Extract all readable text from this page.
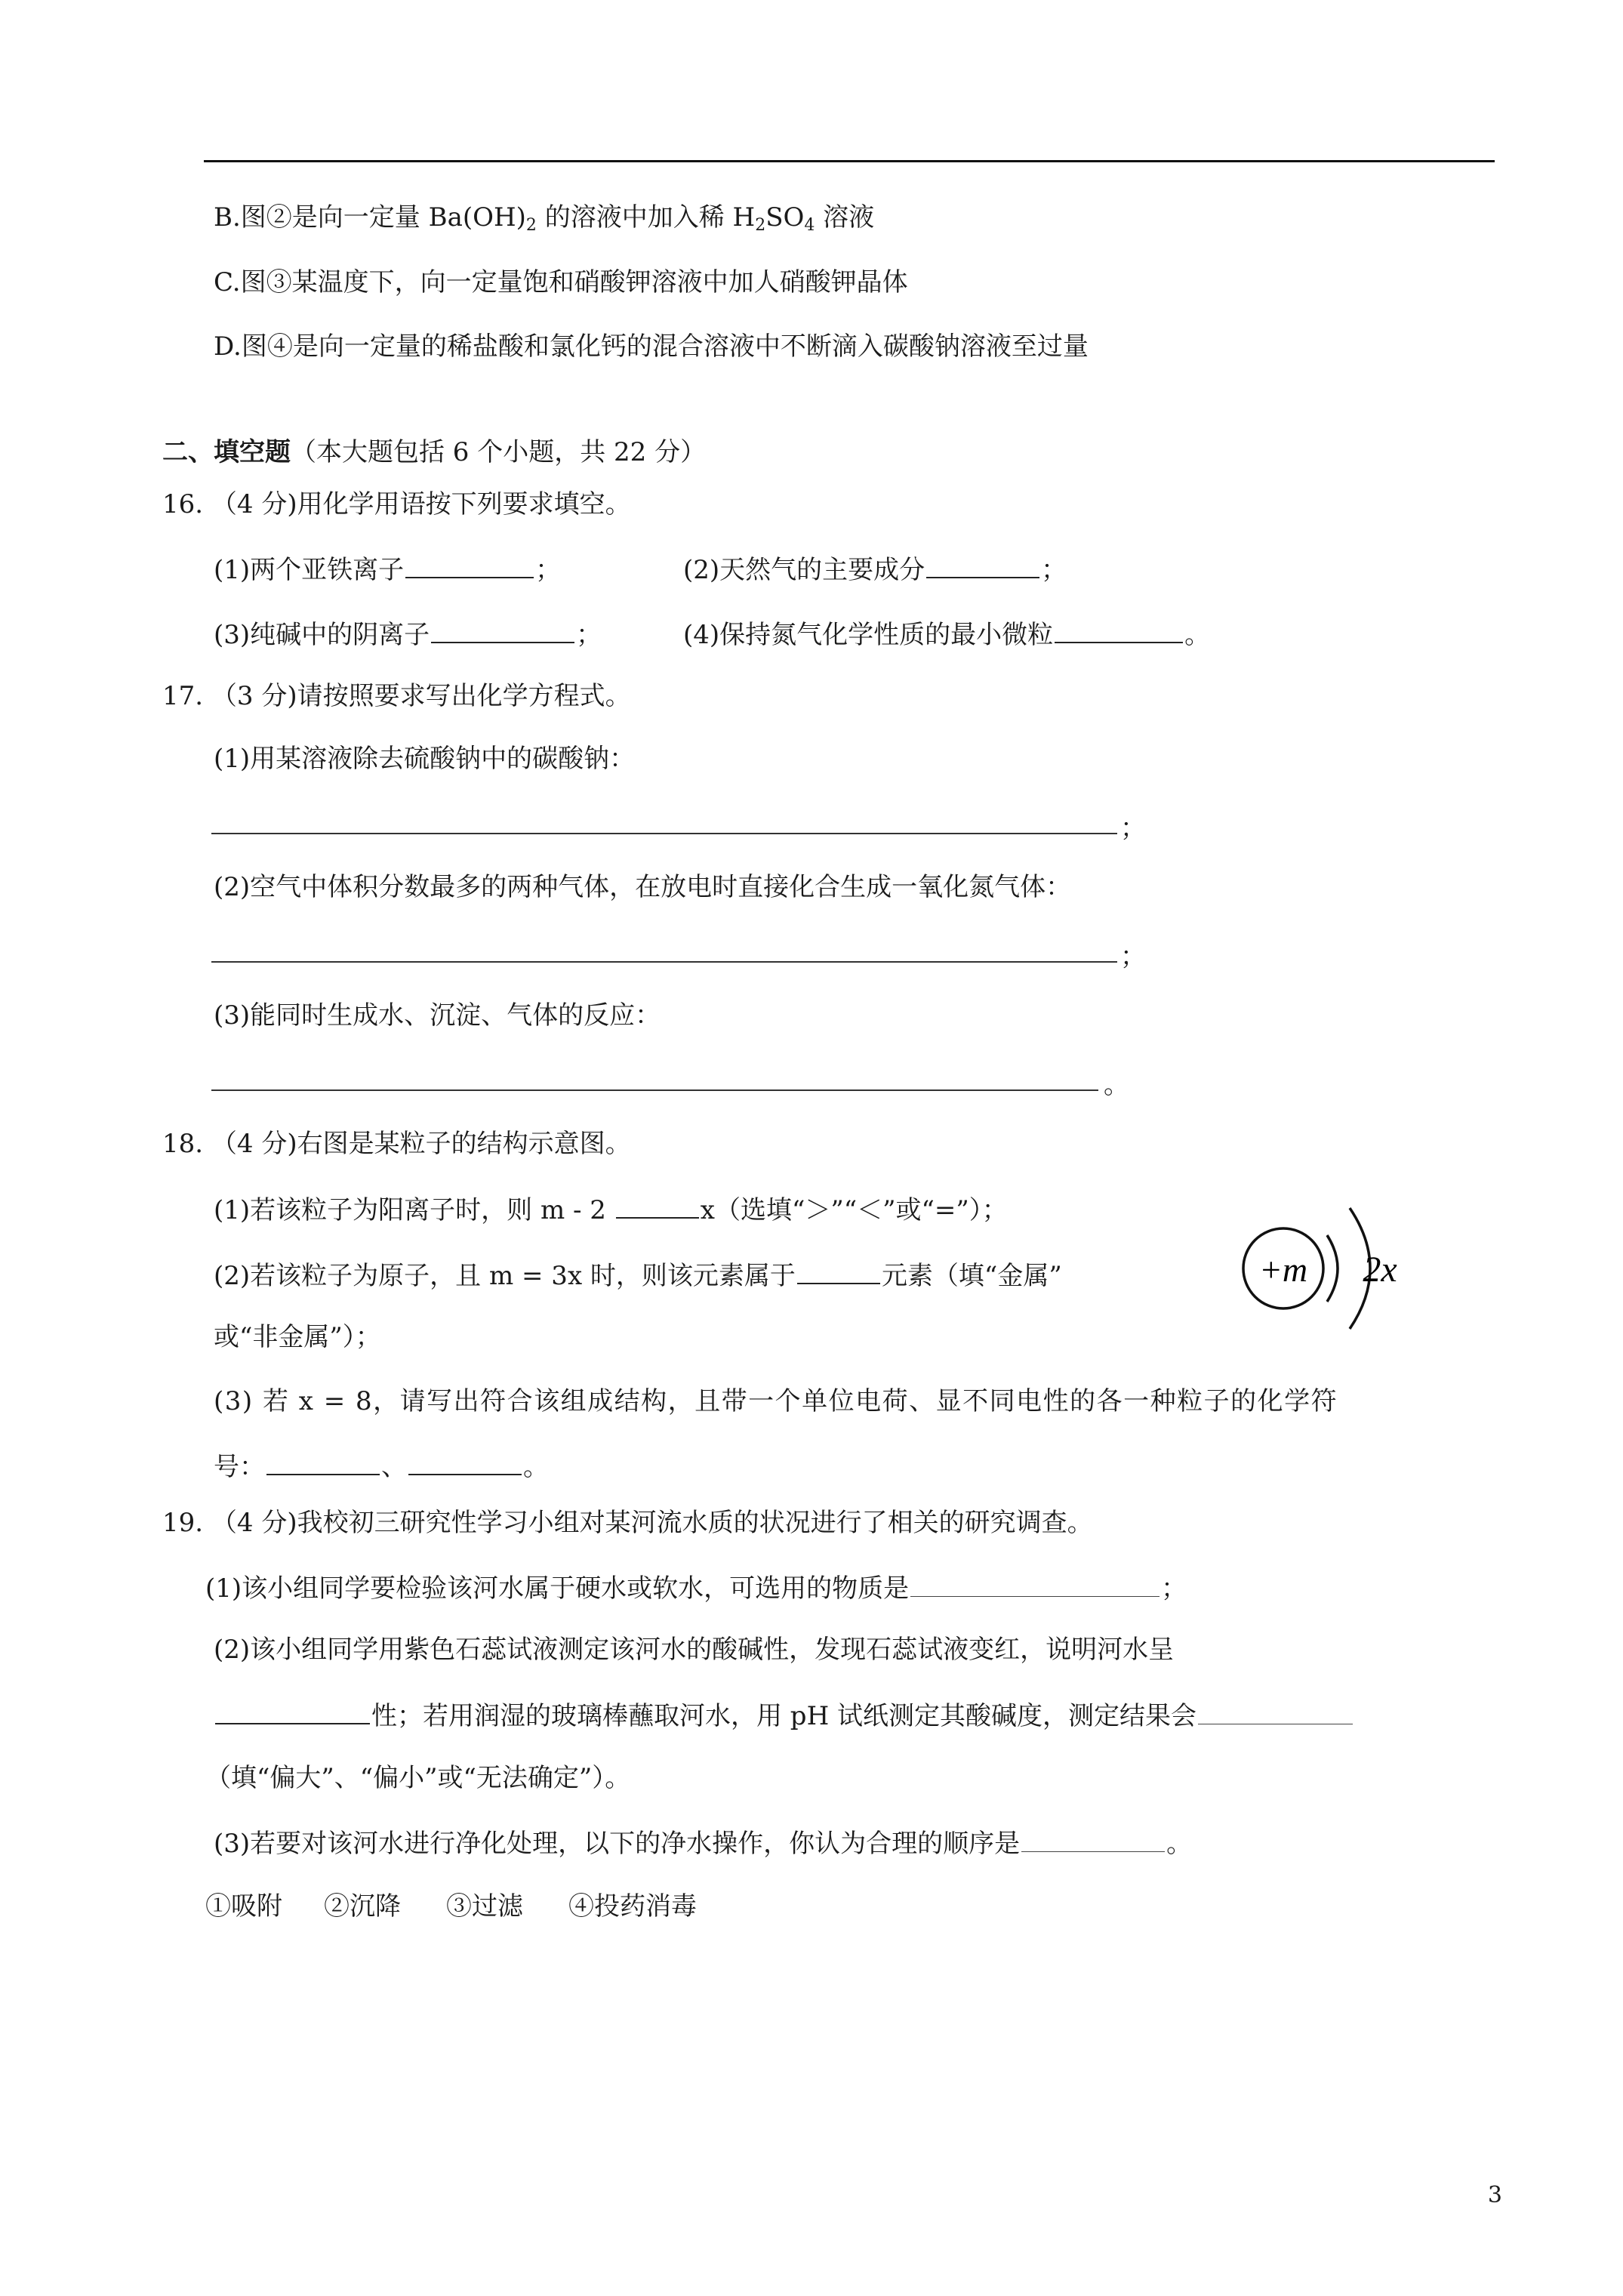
B.图②是向一定量 $Ba(OH)_2$ 的溶液中加入稀 $H_2SO_4$ 溶液
C.图③某温度下，向一定量饱和硝酸钾溶液中加人硝酸钾晶体
D.图④是向一定量的稀盐酸和氯化钙的混合溶液中不断滴入碳酸钠溶液至过量
二、填空题（本大题包括 6 个小题，共 22 分）
16. （4 分)用化学用语按下列要求填空。
(1)两个亚铁离子	；	(2)天然气的主要成分	；
(3)纯碱中的阴离子	；	(4)保持氮气化学性质的最小微粒	。
17. （3 分)请按照要求写出化学方程式。
(1)用某溶液除去硫酸钠中的碳酸钠：
；
(2)空气中体积分数最多的两种气体，在放电时直接化合生成一氧化氮气体：
；
(3)能同时生成水、沉淀、气体的反应：
。
18. （4 分)右图是某粒子的结构示意图。
(1)若该粒子为阳离子时，则 m - 2	x（选填“＞”“＜”或“=”）；
(2)若该粒子为原子，且 m = 3x 时，则该元素属于	元素（填“金属”
或“非金属”）；
(3) 若 x = 8，请写出符合该组成结构，且带一个单位电荷、显不同电性的各一种粒子的化学符
号：	、	。
+m 2x
19. （4 分)我校初三研究性学习小组对某河流水质的状况进行了相关的研究调查。
(1)该小组同学要检验该河水属于硬水或软水，可选用的物质是	；
(2)该小组同学用紫色石蕊试液测定该河水的酸碱性，发现石蕊试液变红，说明河水呈
性；若用润湿的玻璃棒蘸取河水，用 pH 试纸测定其酸碱度，测定结果会
（填“偏大”、“偏小”或“无法确定”）。
(3)若要对该河水进行净化处理，以下的净水操作，你认为合理的顺序是	。
①吸附 ②沉降 ③过滤 ④投药消毒
3
